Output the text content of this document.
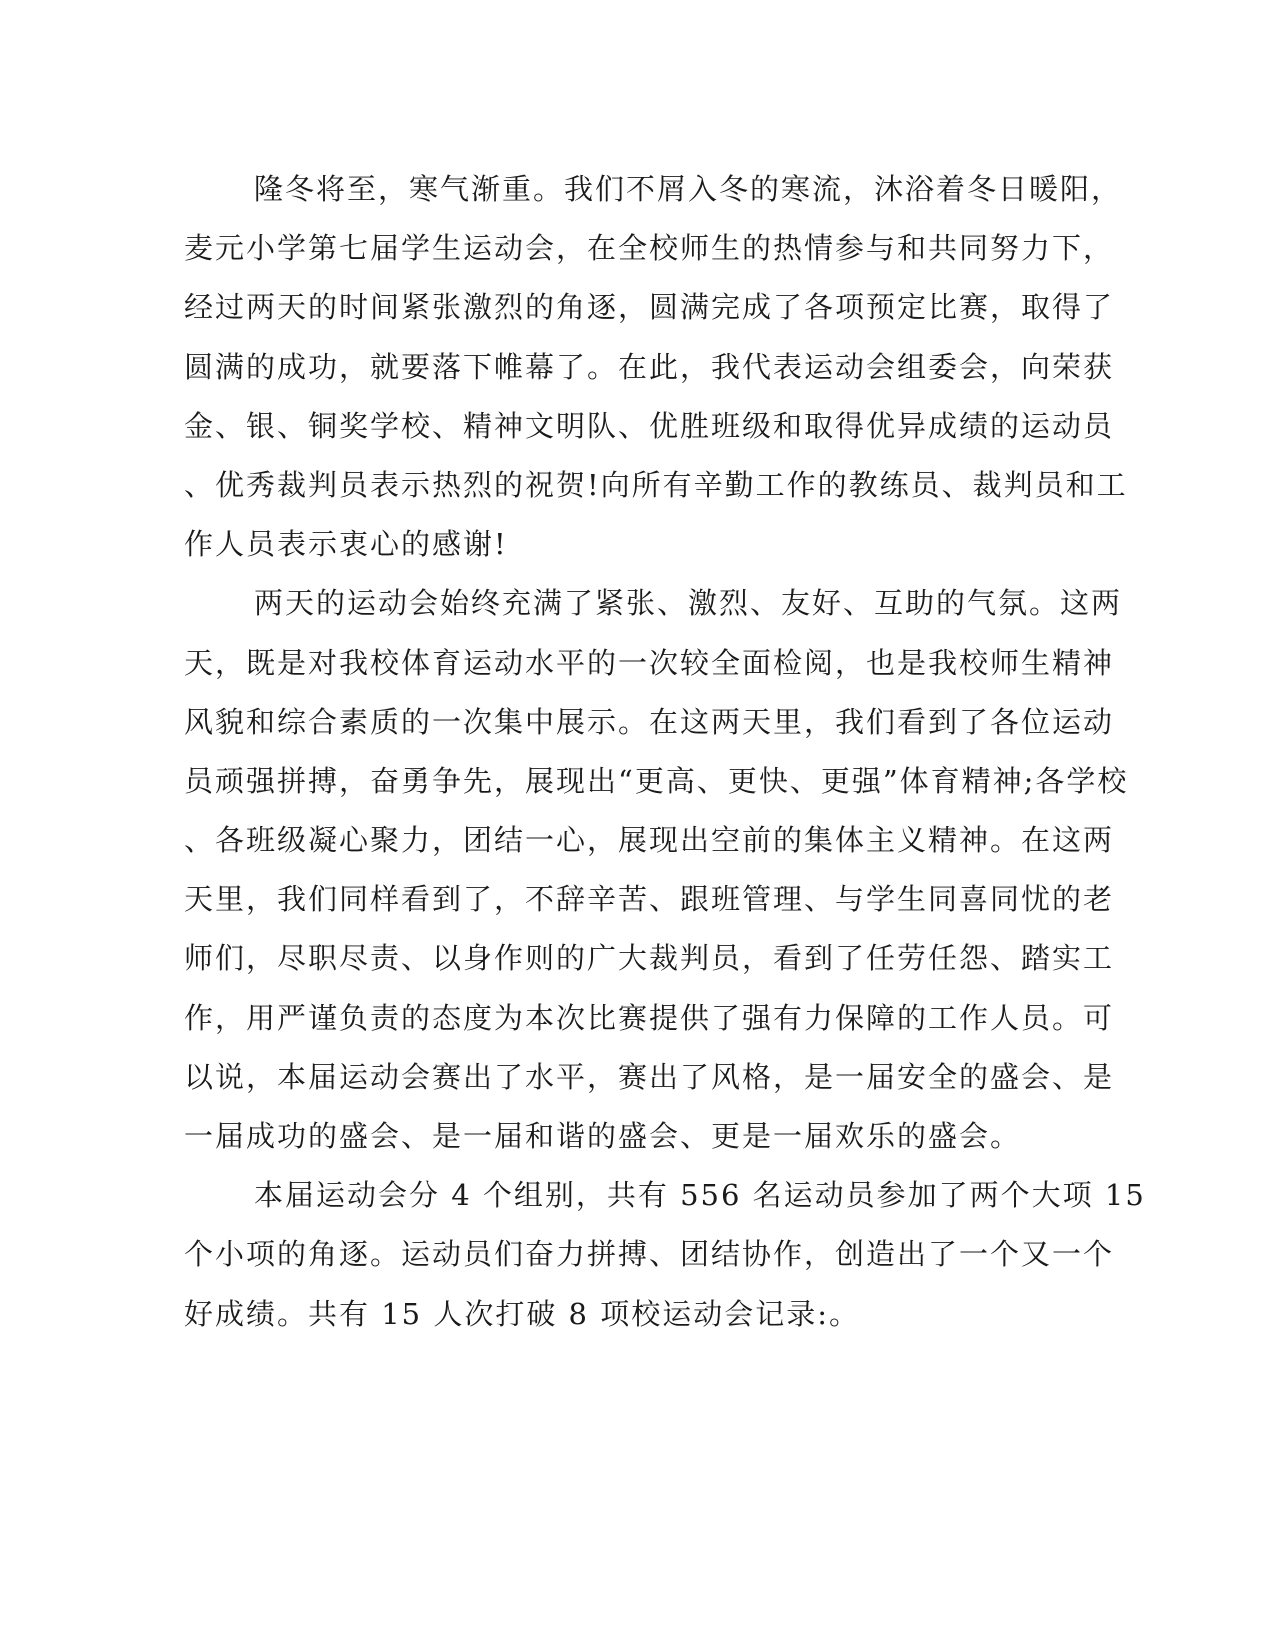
隆冬将至，寒气渐重。我们不屑入冬的寒流，沐浴着冬日暖阳，
麦元小学第七届学生运动会，在全校师生的热情参与和共同努力下，
经过两天的时间紧张激烈的角逐，圆满完成了各项预定比赛，取得了
圆满的成功，就要落下帷幕了。在此，我代表运动会组委会，向荣获
金、银、铜奖学校、精神文明队、优胜班级和取得优异成绩的运动员
、优秀裁判员表示热烈的祝贺!向所有辛勤工作的教练员、裁判员和工
作人员表示衷心的感谢!
两天的运动会始终充满了紧张、激烈、友好、互助的气氛。这两
天，既是对我校体育运动水平的一次较全面检阅，也是我校师生精神
风貌和综合素质的一次集中展示。在这两天里，我们看到了各位运动
员顽强拼搏，奋勇争先，展现出“更高、更快、更强”体育精神;各学校
、各班级凝心聚力，团结一心，展现出空前的集体主义精神。在这两
天里，我们同样看到了，不辞辛苦、跟班管理、与学生同喜同忧的老
师们，尽职尽责、以身作则的广大裁判员，看到了任劳任怨、踏实工
作，用严谨负责的态度为本次比赛提供了强有力保障的工作人员。可
以说，本届运动会赛出了水平，赛出了风格，是一届安全的盛会、是
一届成功的盛会、是一届和谐的盛会、更是一届欢乐的盛会。
本届运动会分 4 个组别，共有 556 名运动员参加了两个大项 15
个小项的角逐。运动员们奋力拼搏、团结协作，创造出了一个又一个
好成绩。共有 15 人次打破 8 项校运动会记录:。
